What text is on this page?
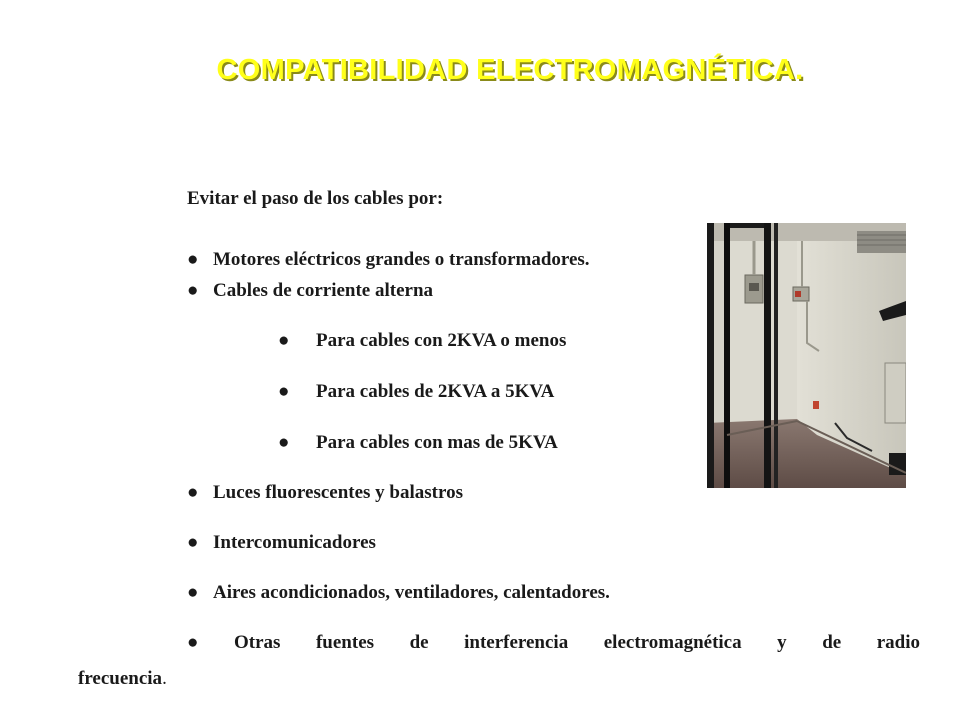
COMPATIBILIDAD ELECTROMAGNÉTICA.
Evitar el paso de los cables por:
● Motores eléctricos grandes o transformadores.
● Cables de corriente alterna
● Para cables con 2KVA o menos
● Para cables de 2KVA a 5KVA
● Para cables con mas de 5KVA
● Luces fluorescentes y balastros
● Intercomunicadores
● Aires acondicionados, ventiladores, calentadores.
● Otras fuentes de interferencia electromagnética y de radio
frecuencia.
